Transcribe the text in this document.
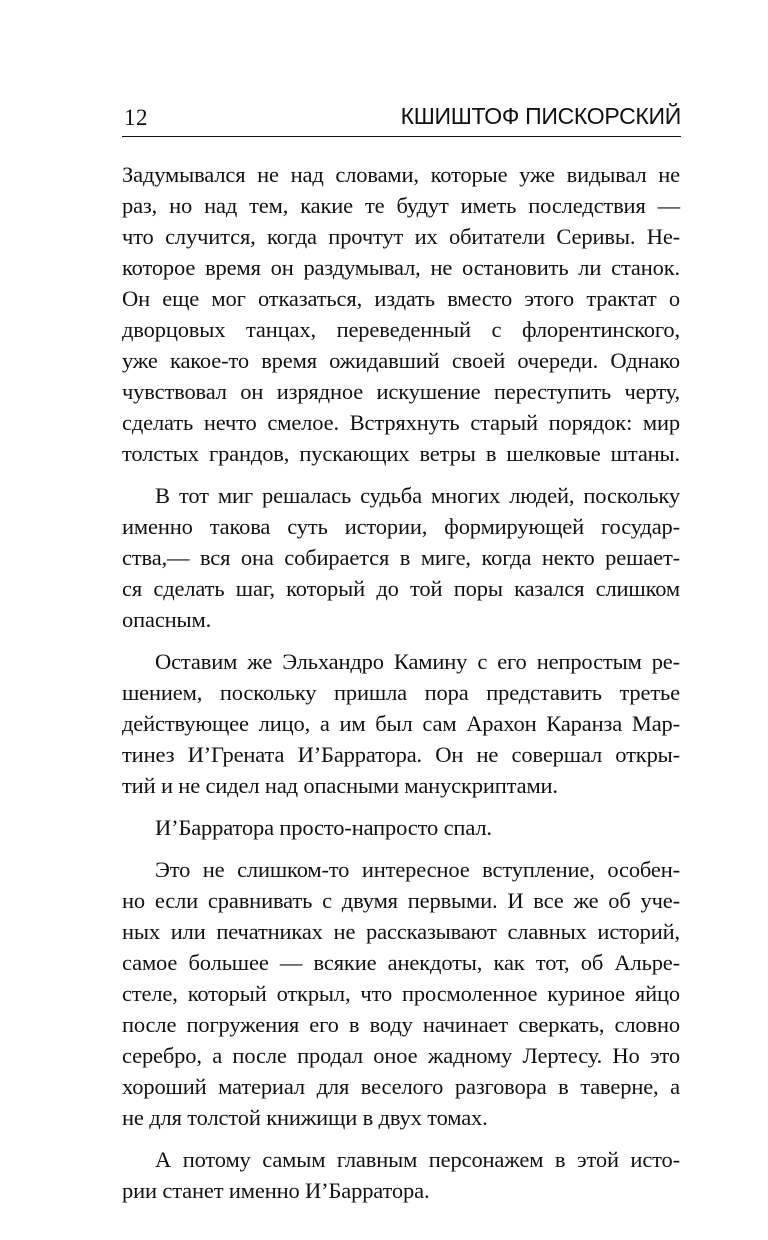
12	КШИШТОФ ПИСКОРСКИЙ
Задумывался не над словами, которые уже видывал не
раз, но над тем, какие те будут иметь последствия —
что случится, когда прочтут их обитатели Серивы. Не-
которое время он раздумывал, не остановить ли станок.
Он еще мог отказаться, издать вместо этого трактат о
дворцовых танцах, переведенный с флорентинского,
уже какое-то время ожидавший своей очереди. Однако
чувствовал он изрядное искушение переступить черту,
сделать нечто смелое. Встряхнуть старый порядок: мир
толстых грандов, пускающих ветры в шелковые штаны.
В тот миг решалась судьба многих людей, поскольку
именно такова суть истории, формирующей государ-
ства,— вся она собирается в миге, когда некто решает-
ся сделать шаг, который до той поры казался слишком
опасным.
Оставим же Эльхандро Камину с его непростым ре-
шением, поскольку пришла пора представить третье
действующее лицо, а им был сам Арахон Каранза Мар-
тинез И’Грената И’Барратора. Он не совершал откры-
тий и не сидел над опасными манускриптами.
И’Барратора просто-напросто спал.
Это не слишком-то интересное вступление, особен-
но если сравнивать с двумя первыми. И все же об уче-
ных или печатниках не рассказывают славных историй,
самое большее — всякие анекдоты, как тот, об Альре-
стеле, который открыл, что просмоленное куриное яйцо
после погружения его в воду начинает сверкать, словно
серебро, а после продал оное жадному Лертесу. Но это
хороший материал для веселого разговора в таверне, а
не для толстой книжищи в двух томах.
А потому самым главным персонажем в этой исто-
рии станет именно И’Барратора.
